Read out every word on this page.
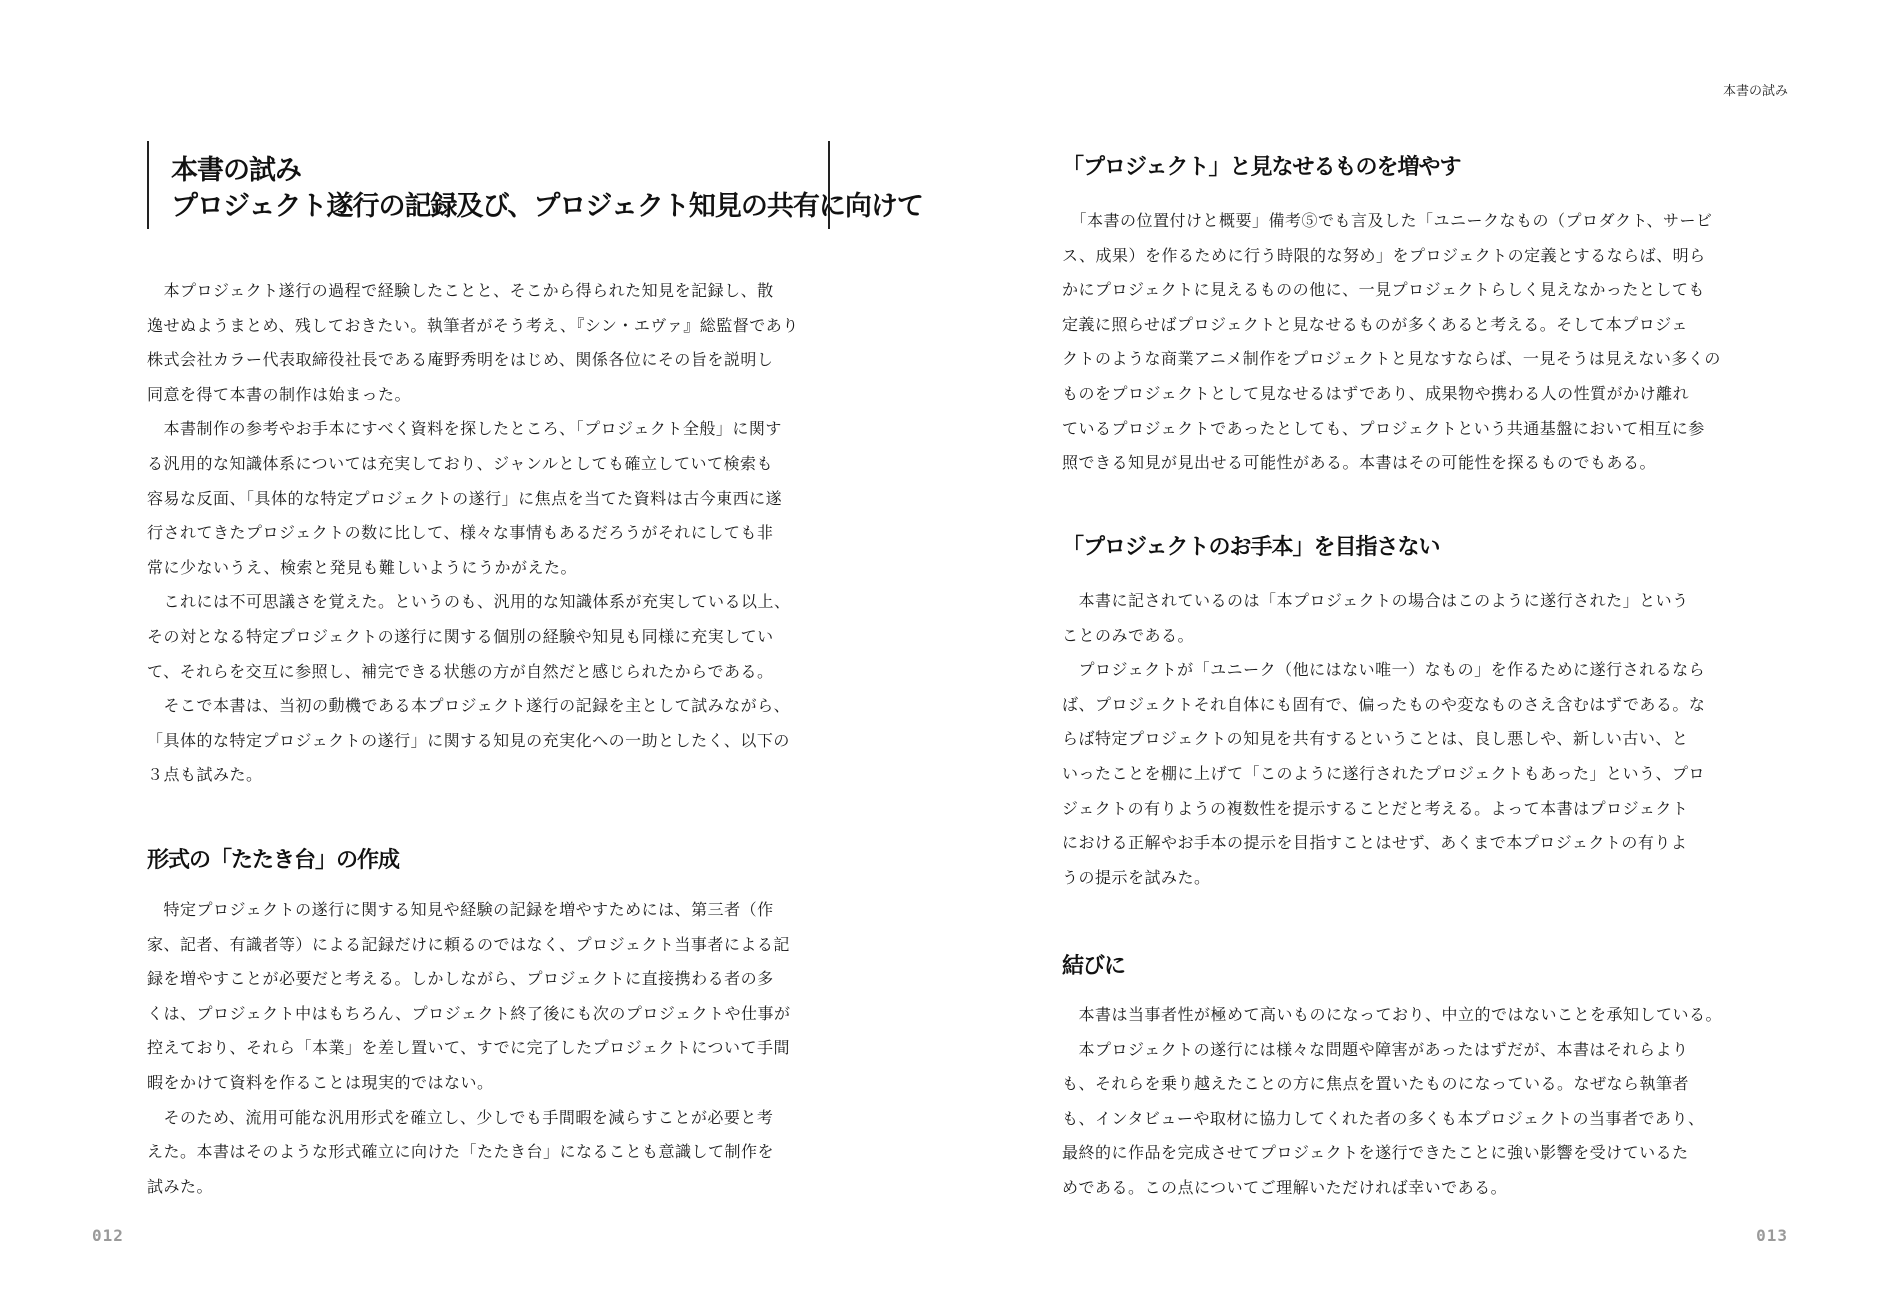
本書の試み
プロジェクト遂行の記録及び、プロジェクト知見の共有に向けて
　本プロジェクト遂行の過程で経験したことと、そこから得られた知見を記録し、散
逸せぬようまとめ、残しておきたい。執筆者がそう考え、『シン・エヴァ』総監督であり
株式会社カラー代表取締役社長である庵野秀明をはじめ、関係各位にその旨を説明し
同意を得て本書の制作は始まった。
　本書制作の参考やお手本にすべく資料を探したところ、「プロジェクト全般」に関す
る汎用的な知識体系については充実しており、ジャンルとしても確立していて検索も
容易な反面、「具体的な特定プロジェクトの遂行」に焦点を当てた資料は古今東西に遂
行されてきたプロジェクトの数に比して、様々な事情もあるだろうがそれにしても非
常に少ないうえ、検索と発見も難しいようにうかがえた。
　これには不可思議さを覚えた。というのも、汎用的な知識体系が充実している以上、
その対となる特定プロジェクトの遂行に関する個別の経験や知見も同様に充実してい
て、それらを交互に参照し、補完できる状態の方が自然だと感じられたからである。
　そこで本書は、当初の動機である本プロジェクト遂行の記録を主として試みながら、
「具体的な特定プロジェクトの遂行」に関する知見の充実化への一助としたく、以下の
３点も試みた。
形式の「たたき台」の作成
　特定プロジェクトの遂行に関する知見や経験の記録を増やすためには、第三者（作
家、記者、有識者等）による記録だけに頼るのではなく、プロジェクト当事者による記
録を増やすことが必要だと考える。しかしながら、プロジェクトに直接携わる者の多
くは、プロジェクト中はもちろん、プロジェクト終了後にも次のプロジェクトや仕事が
控えており、それら「本業」を差し置いて、すでに完了したプロジェクトについて手間
暇をかけて資料を作ることは現実的ではない。
　そのため、流用可能な汎用形式を確立し、少しでも手間暇を減らすことが必要と考
えた。本書はそのような形式確立に向けた「たたき台」になることも意識して制作を
試みた。
012
本書の試み
「プロジェクト」と見なせるものを増やす
　「本書の位置付けと概要」備考⑤でも言及した「ユニークなもの（プロダクト、サービ
ス、成果）を作るために行う時限的な努め」をプロジェクトの定義とするならば、明ら
かにプロジェクトに見えるものの他に、一見プロジェクトらしく見えなかったとしても
定義に照らせばプロジェクトと見なせるものが多くあると考える。そして本プロジェ
クトのような商業アニメ制作をプロジェクトと見なすならば、一見そうは見えない多くの
ものをプロジェクトとして見なせるはずであり、成果物や携わる人の性質がかけ離れ
ているプロジェクトであったとしても、プロジェクトという共通基盤において相互に参
照できる知見が見出せる可能性がある。本書はその可能性を探るものでもある。
「プロジェクトのお手本」を目指さない
　本書に記されているのは「本プロジェクトの場合はこのように遂行された」という
ことのみである。
　プロジェクトが「ユニーク（他にはない唯一）なもの」を作るために遂行されるなら
ば、プロジェクトそれ自体にも固有で、偏ったものや変なものさえ含むはずである。な
らば特定プロジェクトの知見を共有するということは、良し悪しや、新しい古い、と
いったことを棚に上げて「このように遂行されたプロジェクトもあった」という、プロ
ジェクトの有りようの複数性を提示することだと考える。よって本書はプロジェクト
における正解やお手本の提示を目指すことはせず、あくまで本プロジェクトの有りよ
うの提示を試みた。
結びに
　本書は当事者性が極めて高いものになっており、中立的ではないことを承知している。
　本プロジェクトの遂行には様々な問題や障害があったはずだが、本書はそれらより
も、それらを乗り越えたことの方に焦点を置いたものになっている。なぜなら執筆者
も、インタビューや取材に協力してくれた者の多くも本プロジェクトの当事者であり、
最終的に作品を完成させてプロジェクトを遂行できたことに強い影響を受けているた
めである。この点についてご理解いただければ幸いである。
013
